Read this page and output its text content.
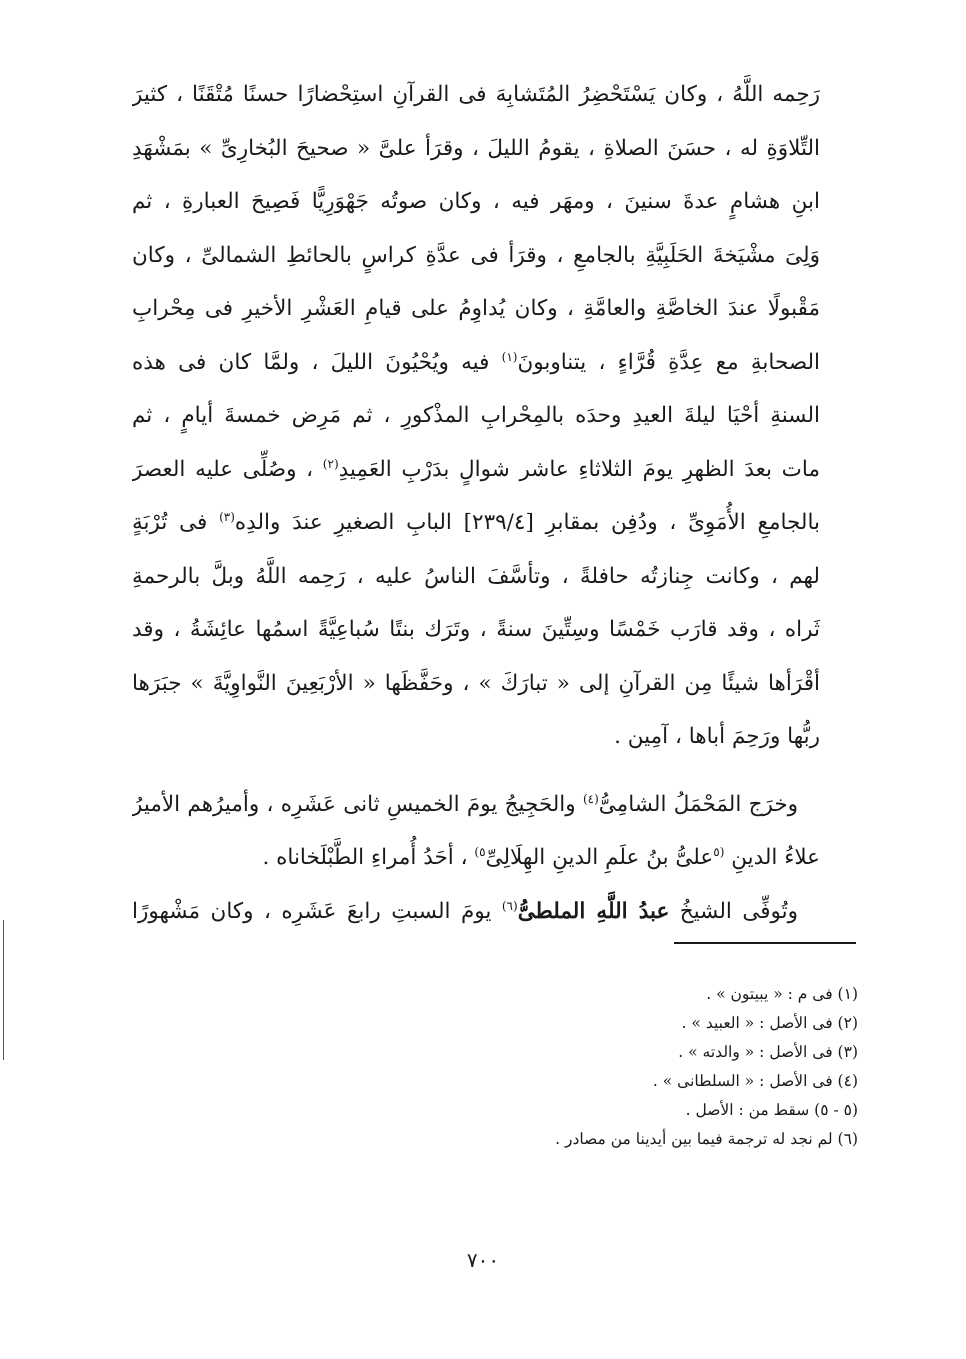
رَحِمه اللَّهُ ، وكان يَسْتَحْضِرُ المُتَشابِهَ فى القرآنِ استِحْضارًا حسنًا مُتْقَنًا ، كثيرَ
التِّلاوَةِ له ، حسَنَ الصلاةِ ، يقومُ الليلَ ، وقرَأ علىَّ « صحيحَ البُخارِىِّ » بمَشْهَدِ
ابنِ هشامٍ عدةَ سنينَ ، ومهَر فيه ، وكان صوتُه جَهْوَرِيًّا فَصِيحَ العبارةِ ، ثم
وَلِىَ مشْيَخةَ الحَلَبِيَّةِ بالجامعِ ، وقرَأ فى عدَّةِ كراسٍ بالحائطِ الشمالىِّ ، وكان
مَقْبولًا عندَ الخاصَّةِ والعامَّةِ ، وكان يُداوِمُ على قيامِ العَشْرِ الأخيرِ فى مِحْرابِ
الصحابةِ مع عِدَّةِ قُرَّاءٍ ، يتناوبونَ$^{(١)}$ فيه ويُحْيُونَ الليلَ ، ولمَّا كان فى هذه
السنةِ أحْيَا ليلةَ العيدِ وحدَه بالمِحْرابِ المذْكورِ ، ثم مَرِض خمسةَ أيامٍ ، ثم
مات بعدَ الظهرِ يومَ الثلاثاءِ عاشر شوالٍ بدَرْبِ العَمِيدِ$^{(٢)}$ ، وصُلِّى عليه العصرَ
بالجامعِ الأُمَوِىِّ ، ودُفِن بمقابرِ [٢٣٩/٤] البابِ الصغيرِ عندَ والدِه$^{(٣)}$ فى تُرْبَةٍ
لهم ، وكانت جِنازتُه حافلةً ، وتأسَّفَ الناسُ عليه ، رَحِمه اللَّهُ وبلَّ بالرحمةِ
ثَراه ، وقد قارَب خَمْسًا وسِتِّينَ سنةً ، وتَرَك بنتًا سُباعِيَّةً اسمُها عائِشَةُ ، وقد
أقْرَأها شيئًا مِن القرآنِ إلى « تبارَكَ » ، وحَفَّظَها « الأرْبَعِينَ النَّواوِيَّةَ » جبَرَها
ربُّها ورَحِمَ أباها ، آمِين .
وخرَج المَحْمَلُ الشامِىُّ$^{(٤)}$ والحَجِيجُ يومَ الخميسِ ثانى عَشَرِه ، وأميرُهم الأميرُ
علاءُ الدينِ $^{(٥}$علىُّ بنُ علَمِ الدينِ الهِلَالِىِّ$^{٥)}$ ، أحَدُ أُمراءِ الطَّبْلَخاناه .
وتُوفِّى الشيخُ عبدُ اللَّهِ الملطىُّ$^{(٦)}$ يومَ السبتِ رابعَ عَشَرِه ، وكان مَشْهورًا
(١) فى م : « يبيتون » .
(٢) فى الأصل : « العبيد » .
(٣) فى الأصل : « والدته » .
(٤) فى الأصل : « السلطانى » .
(٥ - ٥) سقط من : الأصل .
(٦) لم نجد له ترجمة فيما بين أيدينا من مصادر .
٧٠٠
